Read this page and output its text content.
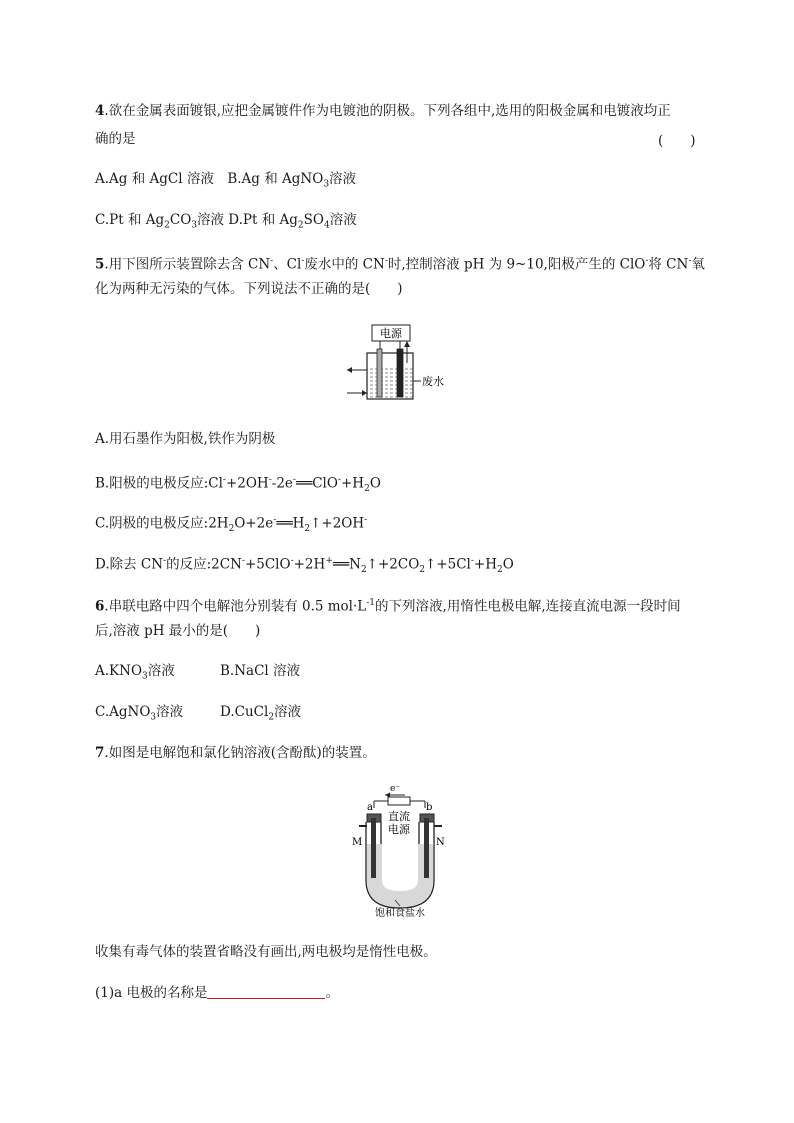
4.欲在金属表面镀银,应把金属镀件作为电镀池的阴极。下列各组中,选用的阳极金属和电镀液均正
确的是	(　　)
A.Ag 和 AgCl 溶液　B.Ag 和 AgNO$_3$溶液
C.Pt 和 $Ag_2CO_3$溶液 D.Pt 和 $Ag_2SO_4$溶液
5.用下图所示装置除去含 CN-、Cl-废水中的 CN-时,控制溶液 pH 为 9~10,阳极产生的 ClO-将 CN-氧
化为两种无污染的气体。下列说法不正确的是(　　)
电源
废水
A.用石墨作为阳极,铁作为阴极
B.阳极的电极反应$:Cl^-+2OH^--2e^-══ClO^-+H_2O$
C.阴极的电极反应$:2H_2O+2e^-══H_2↑+2OH^-$
D.除去 CN-的反应$:2CN^-+5ClO^-+2H^+══N_2↑+2CO_2↑+5Cl^-+H_2O$
6.串联电路中四个电解池分别装有 0.5 $mol\cdot L^{-1}$的下列溶液,用惰性电极电解,连接直流电源一段时间
后,溶液 pH 最小的是(　　)
$A.KNO_3$溶液	B.NaCl 溶液
C.AgNO$_3$溶液	D.CuCl$_2$溶液
7.如图是电解饱和氯化钠溶液(含酚酞)的装置。
e⁻
a	b
直流
电源
M	N
饱和食盐水
收集有毒气体的装置省略没有画出,两电极均是惰性电极。
(1)a 电极的名称是	。
